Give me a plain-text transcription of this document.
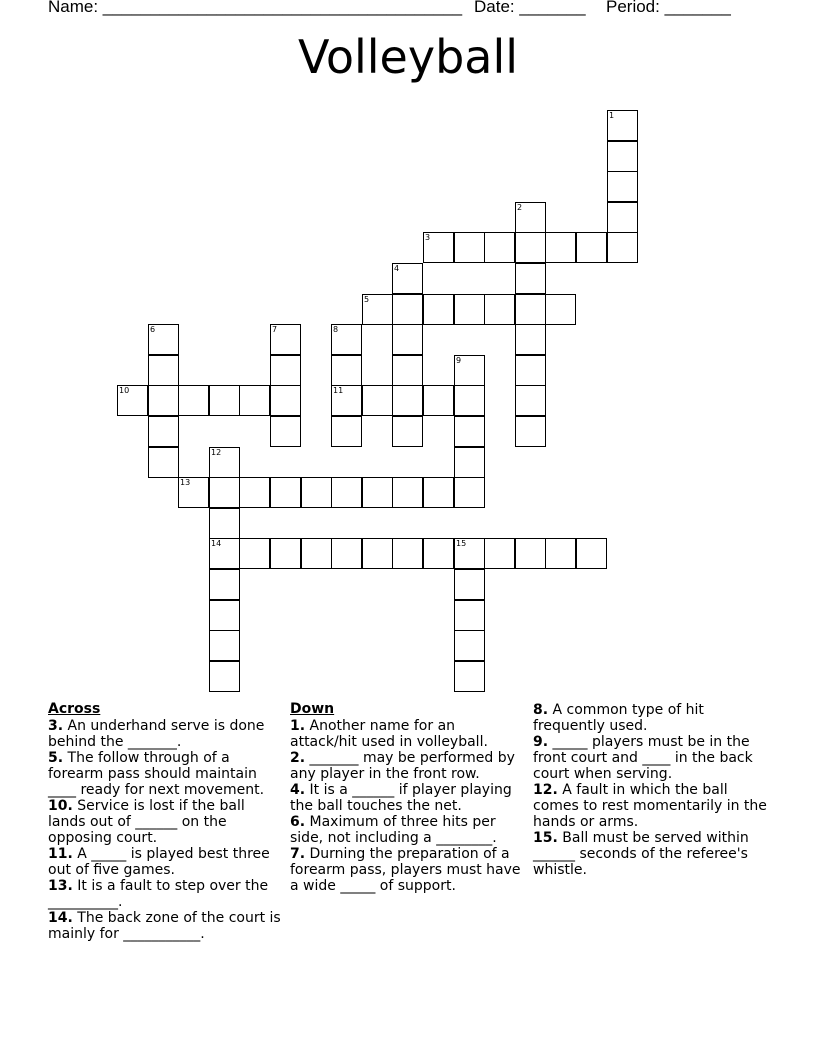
Name: ______________________________________ Date: _______ Period: _______
Volleyball
1
2
3
4
5
6	7	8
11
9
10
12
14
13
15
Across
3. An underhand serve is done behind the _______.
5. The follow through of a forearm pass should maintain ____ ready for next movement.
10. Service is lost if the ball lands out of ______ on the opposing court.
11. A _____ is played best three out of five games.
13. It is a fault to step over the __________.
14. The back zone of the court is mainly for ___________.
Down
1. Another name for an attack/hit used in volleyball.
2. _______ may be performed by any player in the front row.
4. It is a ______ if player playing the ball touches the net.
6. Maximum of three hits per side, not including a ________.
7. Durning the preparation of a forearm pass, players must have a wide _____ of support.
8. A common type of hit frequently used.
9. _____ players must be in the front court and ____ in the back court when serving.
12. A fault in which the ball comes to rest momentarily in the hands or arms.
15. Ball must be served within ______ seconds of the referee's whistle.
